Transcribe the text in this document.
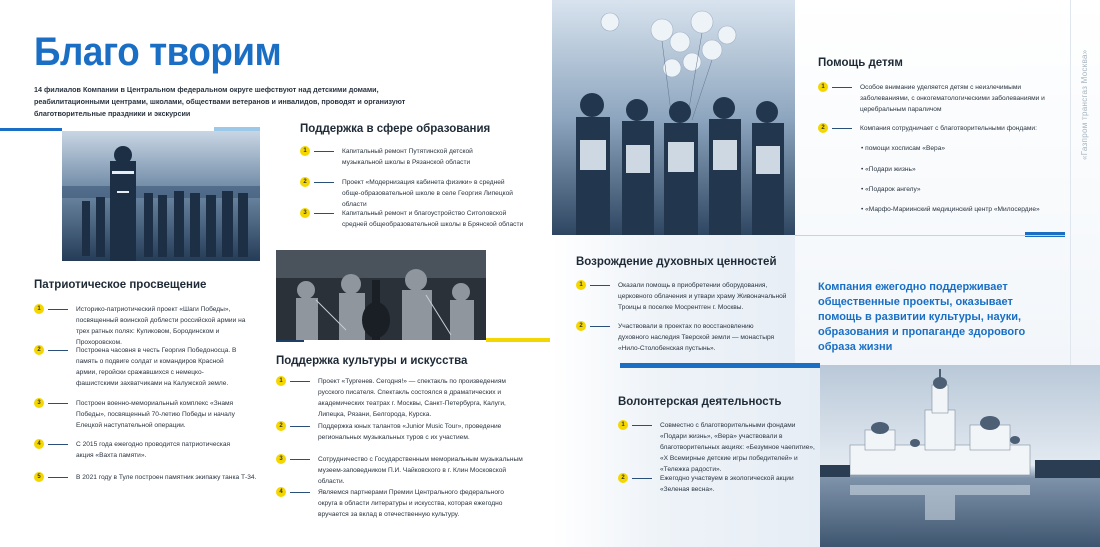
Благо творим
14 филиалов Компании в Центральном федеральном округе шефствуют над детскими домами, реабилитационными центрами, школами, обществами ветеранов и инвалидов, проводят и организуют благотворительные праздники и экскурсии
Поддержка в сфере образования
1	Капитальный ремонт Путятинской детской музыкальной школы в Рязанской области
2	Проект «Модернизация кабинета физики» в средней обще-образовательной школе в селе Георгия Липецкой области
3	Капитальный ремонт и благоустройство Ситоловской средней общеобразовательной школы в Брянской области
Патриотическое просвещение
1	Историко-патриотический проект «Шаги Победы», посвященный воинской доблести российской армии на трех ратных полях: Куликовом, Бородинском и Прохоровском.
2	Построена часовня в честь Георгия Победоносца. В память о подвиге солдат и командиров Красной армии, геройски сражавшихся с немецко-фашистскими захватчиками на Калужской земле.
3	Построен военно-мемориальный комплекс «Знамя Победы», посвященный 70-летию Победы и началу Елецкой наступательной операции.
4	С 2015 года ежегодно проводится патриотическая акция «Вахта памяти».
5	В 2021 году в Туле построен памятник экипажу танка Т-34.
Поддержка культуры и искусства
1	Проект «Тургенев. Сегодня!» — спектакль по произведениям русского писателя. Спектакль состоялся в драматических и академических театрах г. Москвы, Санкт-Петербурга, Калуги, Липецка, Рязани, Белгорода, Курска.
2	Поддержка юных талантов «Junior Music Tour», проведение региональных музыкальных туров с их участием.
3	Сотрудничество с Государственным мемориальным музыкальным музеем-заповедником П.И. Чайковского в г. Клин Московской области.
4	Являемся партнерами Премии Центрального федерального округа в области литературы и искусства, которая ежегодно вручается за вклад в отечественную культуру.
Помощь детям
1	Особое внимание уделяется детям с неизлечимыми заболеваниями, с онкогематологическими заболеваниями и церебральным параличом
2	Компания сотрудничает с благотворительными фондами:
• помощи хосписам «Вера»
• «Подари жизнь»
• «Подарок ангелу»
• «Марфо-Мариинский медицинский центр «Милосердие»
«Газпром трансгаз Москва»
Возрождение духовных ценностей
1	Оказали помощь в приобретении оборудования, церковного облачения и утвари храму Живоначальной Троицы в поселке Мосрентген г. Москвы.
2	Участвовали в проектах по восстановлению духовного наследия Тверской земли — монастыря «Нило-Столобенская пустынь».
Компания ежегодно поддерживает общественные проекты, оказывает помощь в развитии культуры, науки, образования и пропаганде здорового образа жизни
Волонтерская деятельность
1	Совместно с благотворительными фондами «Подари жизнь», «Вера» участвовали в благотворительных акциях: «Безумное чаепитие», «Х Всемирные детские игры победителей» и «Тележка радости».
2	Ежегодно участвуем в экологической акции «Зеленая весна».
